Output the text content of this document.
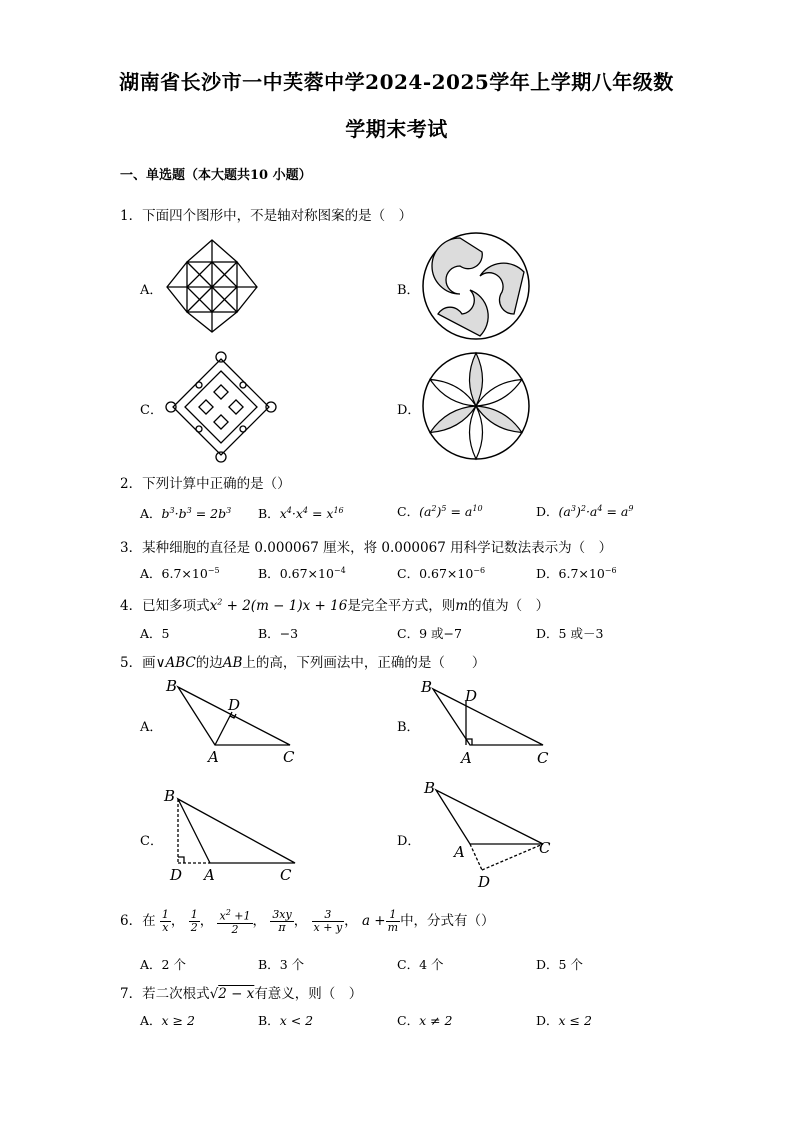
湖南省长沙市一中芙蓉中学2024-2025学年上学期八年级数
学期末考试
一、单选题（本大题共10 小题）
1．下面四个图形中，不是轴对称图案的是（　）
A．	B．
C．	D．
2．下列计算中正确的是（）
A．$b^3\cdot b^3 = 2b^3$ B．$x^4\cdot x^4 = x^{16}$	C．$(a^2)^5 = a^{10}$	D．$(a^3)^2\cdot a^4 = a^9$
3．某种细胞的直径是 0.000067 厘米，将 0.000067 用科学记数法表示为（　）
A．$6.7\times 10^{-5}$	B．$0.67\times 10^{-4}$	C．$0.67\times 10^{-6}$	D．$6.7\times 10^{-6}$
4．已知多项式$x^2 + 2(m - 1)x + 16$是完全平方式，则m的值为（　）
A．5	B．−3	C．9 或−7	D．5 或－3
5．画∨ABC的边AB上的高，下列画法中，正确的是（　　）
A．
B
D
A	C
B．
B D
A	C
C．
B
D A	C
D．
B
A	C
D
6．在 $\frac{1}{x}$ ， $\frac{1}{2}$ ， $\frac{x^2 +1}{2}$ ， $\frac{3xy}{\pi}$ ， $\frac{3}{x + y}$ ， $a + \frac{1}{m}$ 中，分式有（）
A．2 个	B．3 个	C．4 个	D．5 个
7．若二次根式√2 − x有意义，则（　）
A．x ≥ 2	B．x < 2	C．x ≠ 2	D．x ≤ 2
